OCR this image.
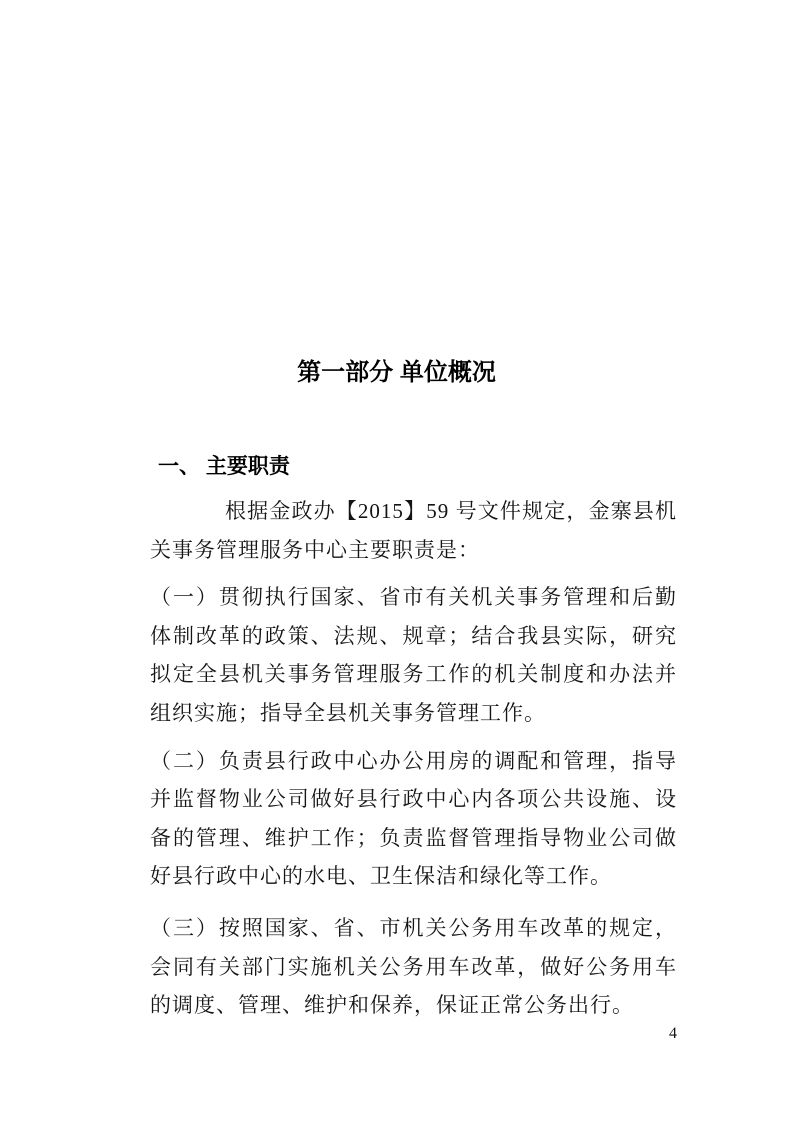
第一部分 单位概况
一、 主要职责

根据金政办【2015】59 号文件规定，金寨县机关事务管理服务中心主要职责是：

（一）贯彻执行国家、省市有关机关事务管理和后勤体制改革的政策、法规、规章；结合我县实际，研究拟定全县机关事务管理服务工作的机关制度和办法并组织实施；指导全县机关事务管理工作。

（二）负责县行政中心办公用房的调配和管理，指导并监督物业公司做好县行政中心内各项公共设施、设备的管理、维护工作；负责监督管理指导物业公司做好县行政中心的水电、卫生保洁和绿化等工作。

（三）按照国家、省、市机关公务用车改革的规定，会同有关部门实施机关公务用车改革，做好公务用车的调度、管理、维护和保养，保证正常公务出行。

4
